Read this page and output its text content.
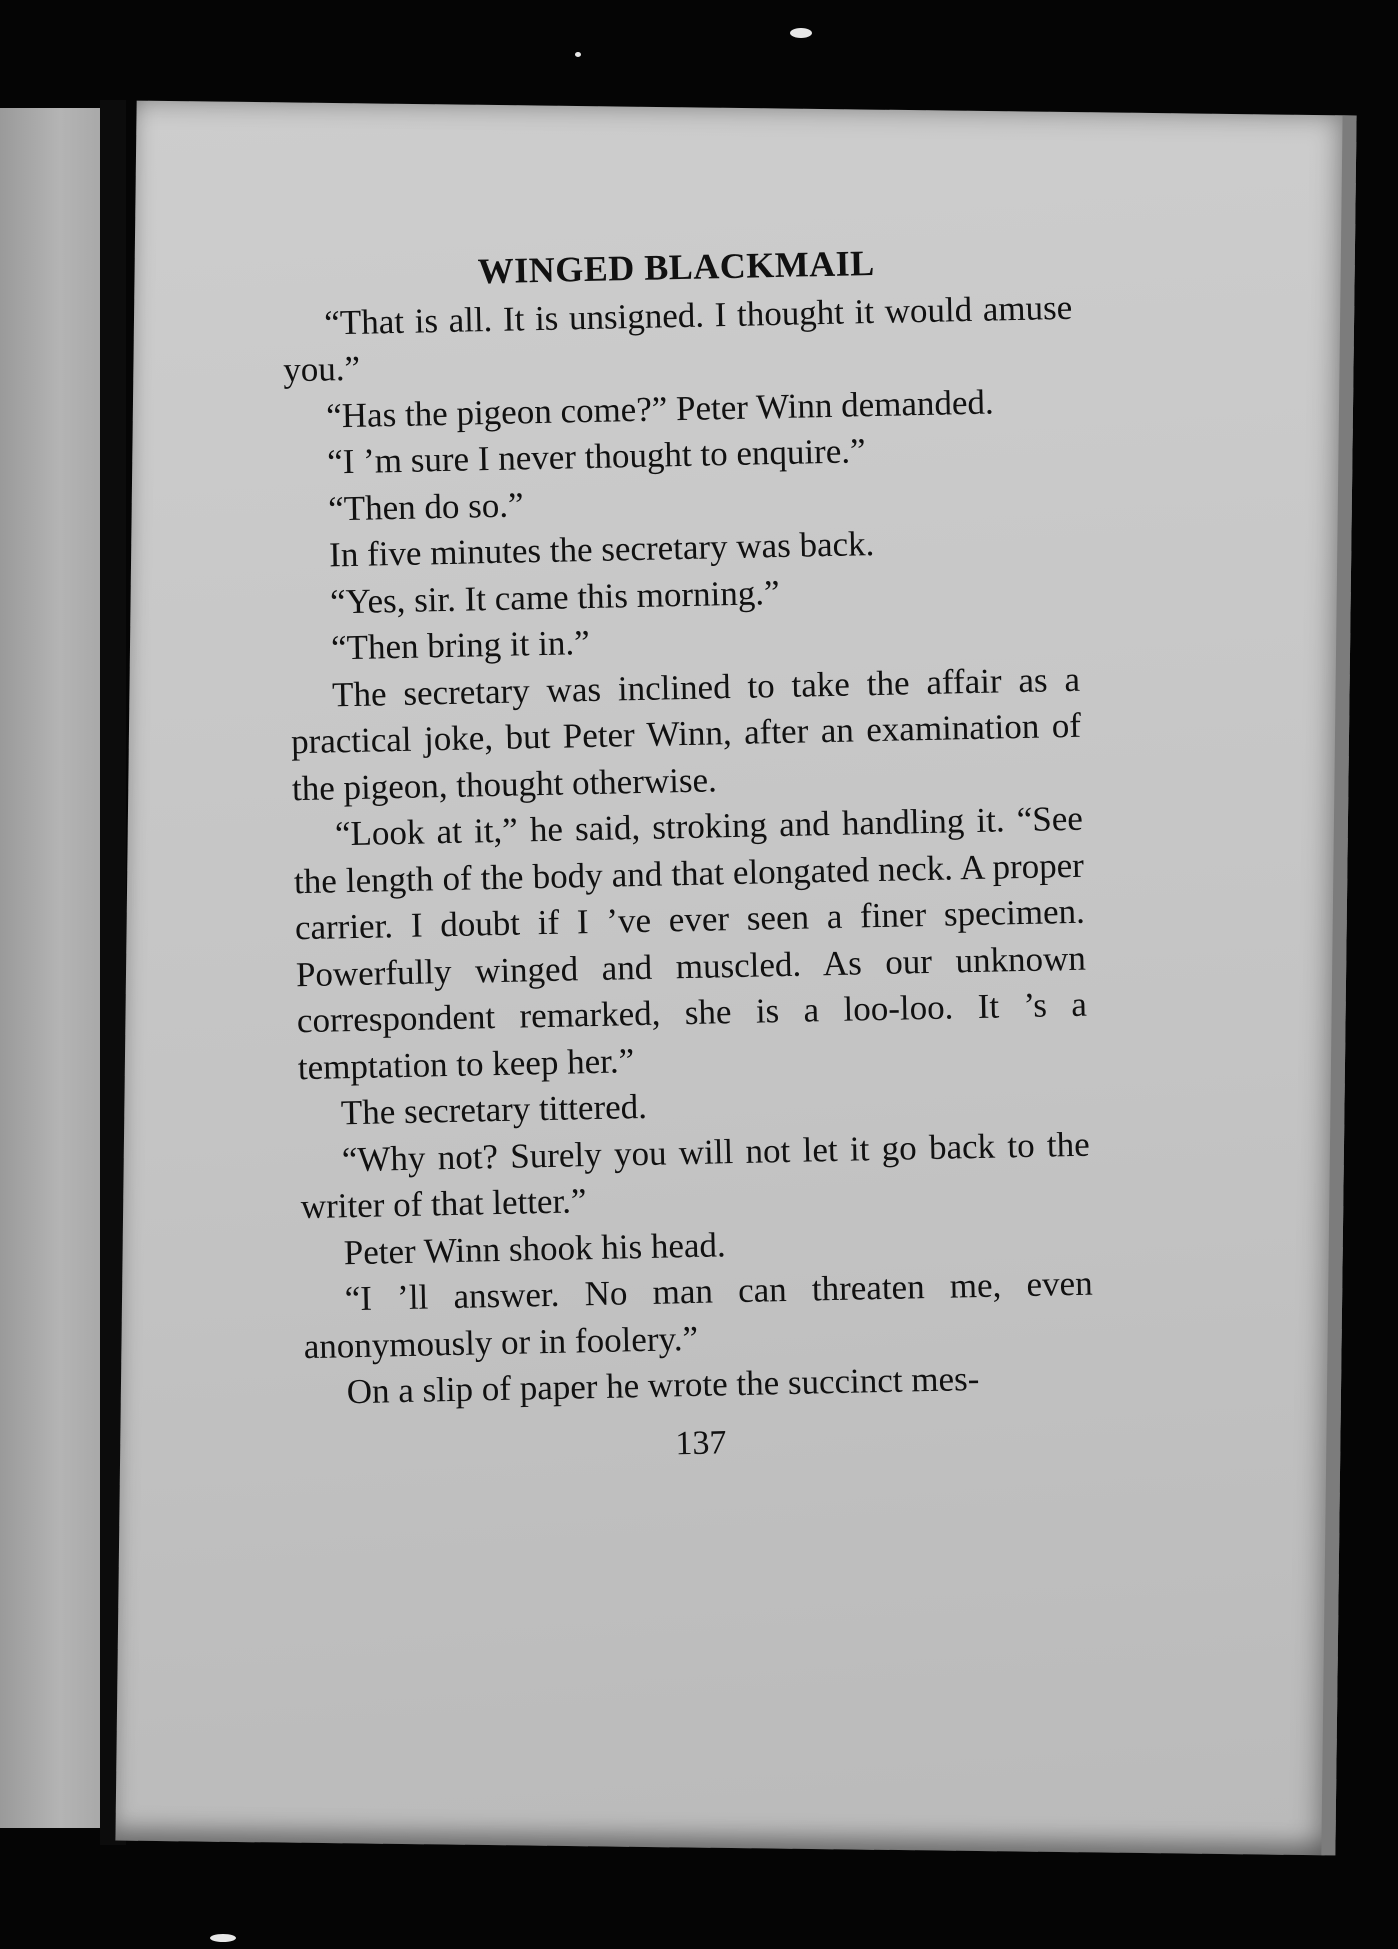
WINGED BLACKMAIL

“That is all. It is unsigned. I thought it would amuse you.”

“Has the pigeon come?” Peter Winn demanded.

“I ’m sure I never thought to enquire.”

“Then do so.”

In five minutes the secretary was back.

“Yes, sir. It came this morning.”

“Then bring it in.”

The secretary was inclined to take the affair as a practical joke, but Peter Winn, after an examination of the pigeon, thought otherwise.

“Look at it,” he said, stroking and handling it. “See the length of the body and that elongated neck. A proper carrier. I doubt if I ’ve ever seen a finer specimen. Powerfully winged and muscled. As our unknown correspondent remarked, she is a loo-loo. It ’s a temptation to keep her.”

The secretary tittered.

“Why not? Surely you will not let it go back to the writer of that letter.”

Peter Winn shook his head.

“I ’ll answer. No man can threaten me, even anonymously or in foolery.”

On a slip of paper he wrote the succinct mes-

137
